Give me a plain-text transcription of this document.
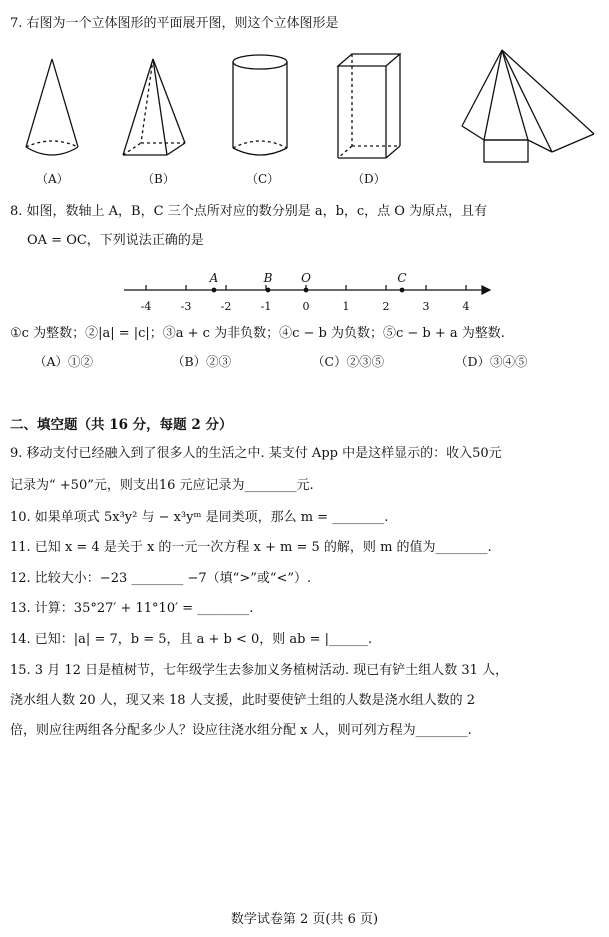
7. 右图为一个立体图形的平面展开图，则这个立体图形是
（A）	（B）	（C）	（D）
8. 如图，数轴上 A，B，C 三个点所对应的数分别是 a，b，c，点 O 为原点，且有
OA = OC，下列说法正确的是
-4	-3	-2	-1	0	1	2	3	4
A	B O	C
①c 为整数；②|a| = |c|；③a + c 为非负数；④c − b 为负数；⑤c − b + a 为整数.
（A）①②	（B）②③	（C）②③⑤	（D）③④⑤
二、填空题（共 16 分，每题 2 分）
9. 移动支付已经融入到了很多人的生活之中. 某支付 App 中是这样显示的：收入50元
记录为“ +50”元，则支出16 元应记录为________元.
10. 如果单项式 5x³y² 与 − x³yᵐ 是同类项，那么 m = ________.
11. 已知 x = 4 是关于 x 的一元一次方程 x + m = 5 的解，则 m 的值为________.
12. 比较大小：−23 ________ −7（填“>”或“<”）.
13. 计算：35°27′ + 11°10′ = ________.
14. 已知：|a| = 7，b = 5，且 a + b < 0，则 ab = |______.
15. 3 月 12 日是植树节，七年级学生去参加义务植树活动. 现已有铲土组人数 31 人，
浇水组人数 20 人，现又来 18 人支援，此时要使铲土组的人数是浇水组人数的 2
倍，则应往两组各分配多少人？设应往浇水组分配 x 人，则可列方程为________.
数学试卷第 2 页(共 6 页)
